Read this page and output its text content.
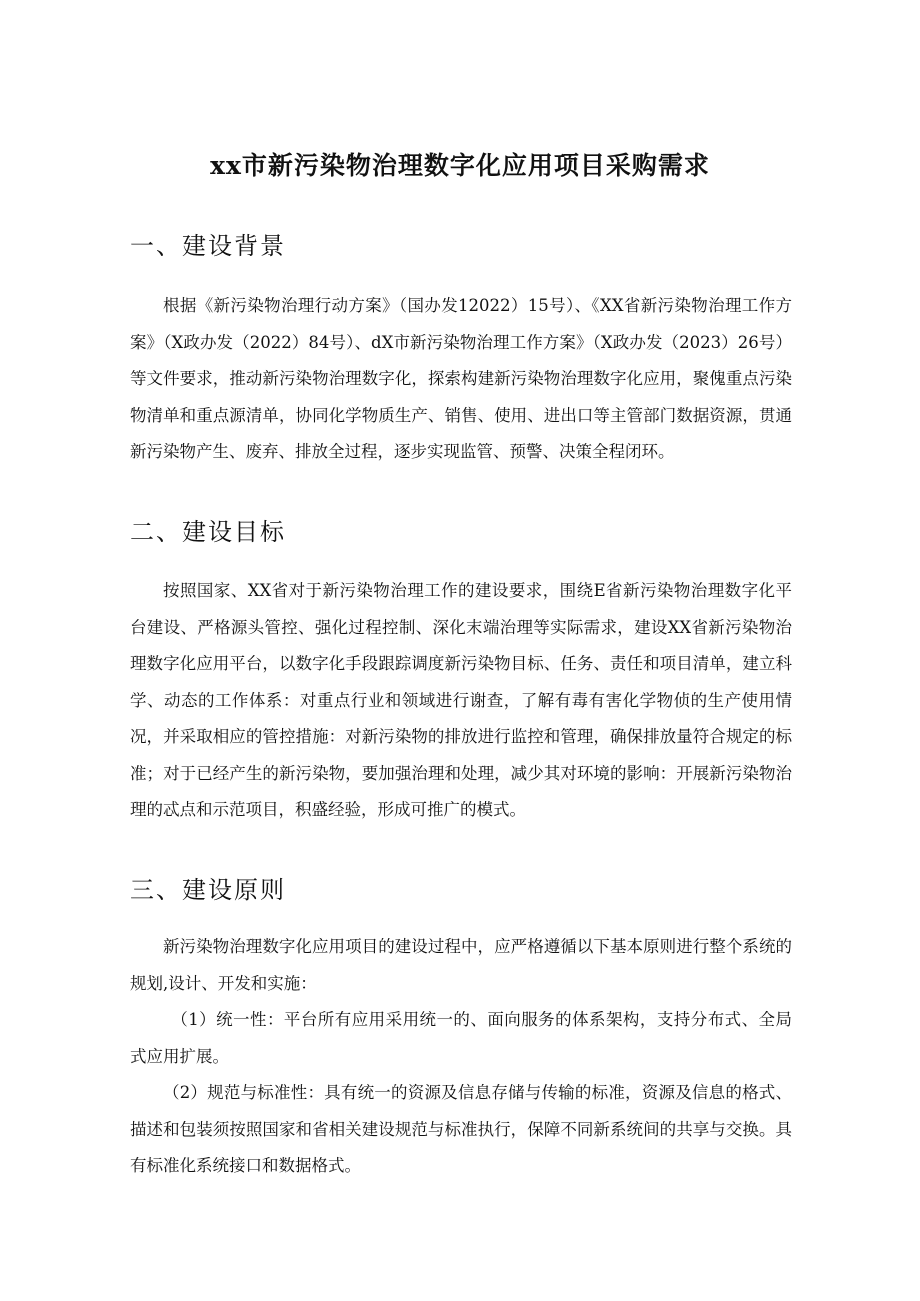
xx市新污染物治理数字化应用项目采购需求
一、建设背景
根据《新污染物治理行动方案》（国办发12022）15号）、《XX省新污染物治理工作方案》（X政办发（2022）84号）、dX市新污染物治理工作方案》（X政办发（2023）26号）等文件要求，推动新污染物治理数字化，探索构建新污染物治理数字化应用，聚傀重点污染物清单和重点源清单，协同化学物质生产、销售、使用、进出口等主管部门数据资源，贯通新污染物产生、废弃、排放全过程，逐步实现监管、预警、决策全程闭环。
二、建设目标
按照国家、XX省对于新污染物治理工作的建设要求，围绕E省新污染物治理数字化平台建设、严格源头管控、强化过程控制、深化末端治理等实际需求，建设XX省新污染物治理数字化应用平台，以数字化手段跟踪调度新污染物目标、任务、责任和项目清单，建立科学、动态的工作体系：对重点行业和领域进行谢查，了解有毒有害化学物侦的生产使用情况，并采取相应的管控措施：对新污染物的排放进行监控和管理，确保排放量符合规定的标准；对于已经产生的新污染物，要加强治理和处理，减少其对环境的影响：开展新污染物治理的忒点和示范项目，积盛经验，形成可推广的模式。
三、建设原则
新污染物治理数字化应用项目的建设过程中，应严格遵循以下基本原则进行整个系统的规划,设计、开发和实施：
（1）统一性：平台所有应用采用统一的、面向服务的体系架构，支持分布式、全局式应用扩展。
（2）规范与标准性：具有统一的资源及信息存储与传输的标准，资源及信息的格式、描述和包装须按照国家和省相关建设规范与标准执行，保障不同新系统间的共享与交换。具有标准化系统接口和数据格式。
